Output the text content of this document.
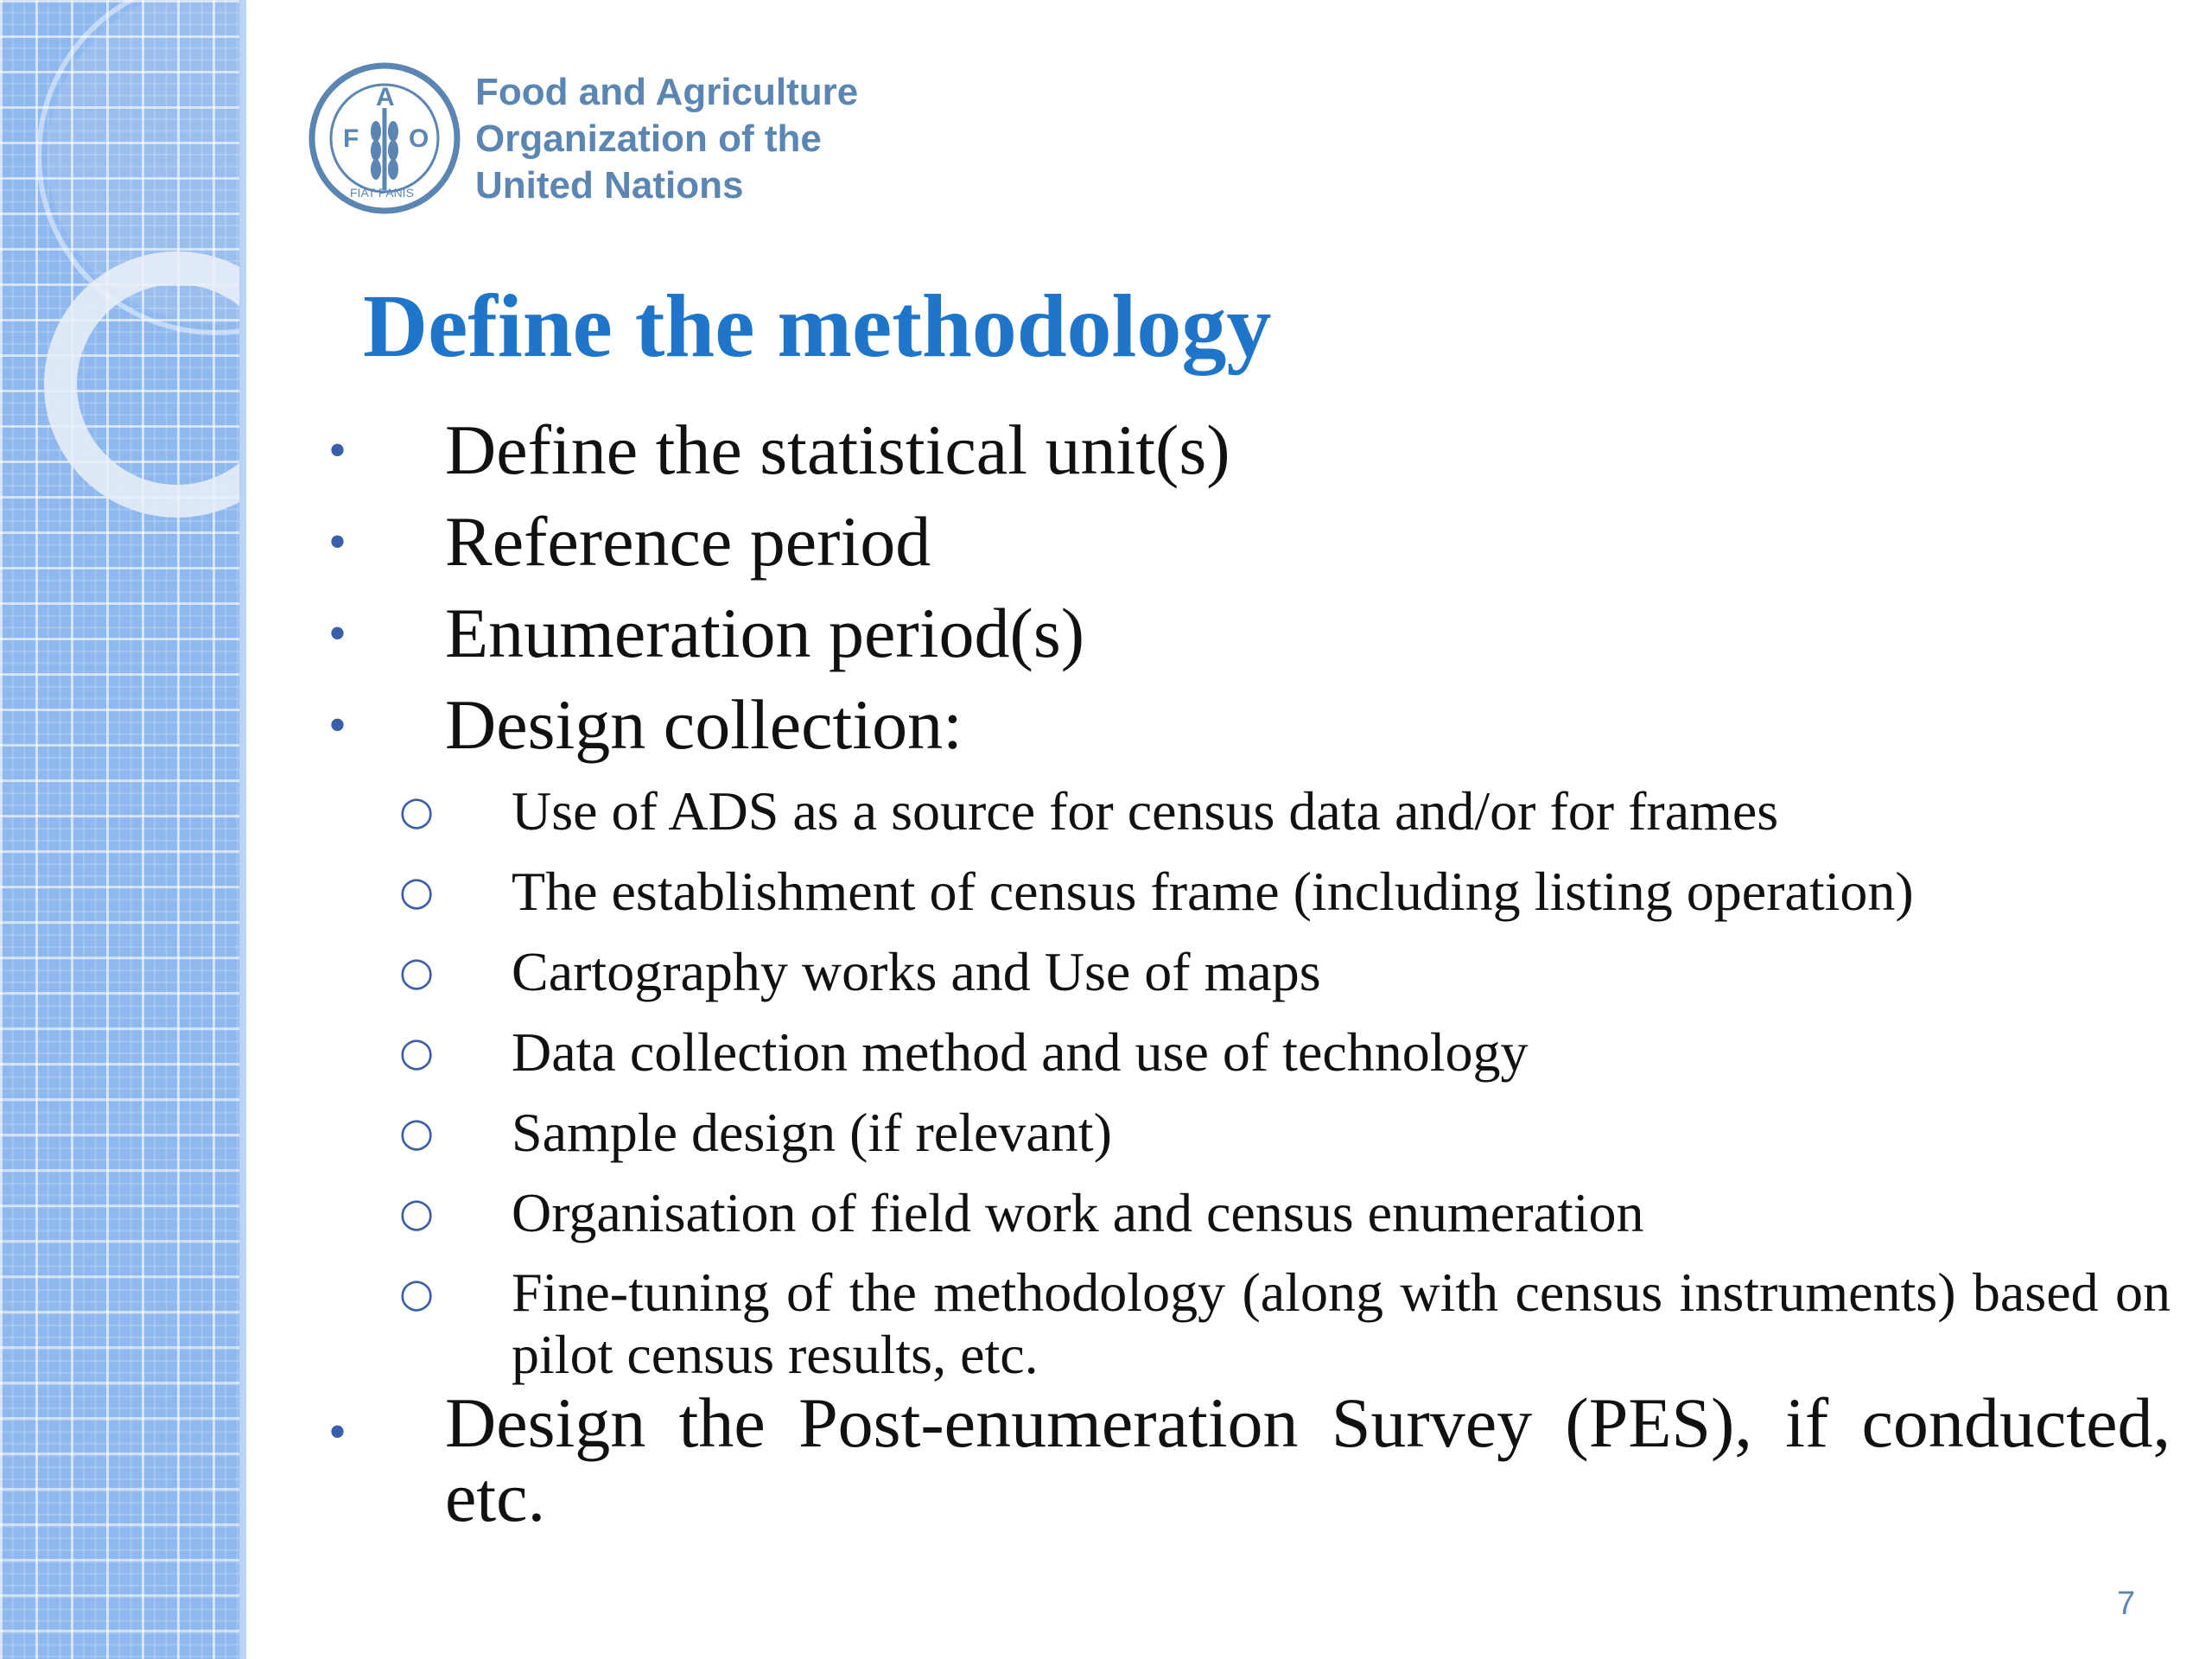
F
A
O
FIAT PANIS
Food and Agriculture
Organization of the
United Nations
Define the methodology
•	Define the statistical unit(s)
•	Reference period
•	Enumeration period(s)
•	Design collection:
○	Use of ADS as a source for census data and/or for frames
○	The establishment of census frame (including listing operation)
○	Cartography works and Use of maps
○	Data collection method and use of technology
○	Sample design (if relevant)
○	Organisation of field work and census enumeration
○	Fine-tuning of the methodology (along with census instruments) based on pilot census results, etc.
•	Design the Post-enumeration Survey (PES), if conducted, etc.
7
